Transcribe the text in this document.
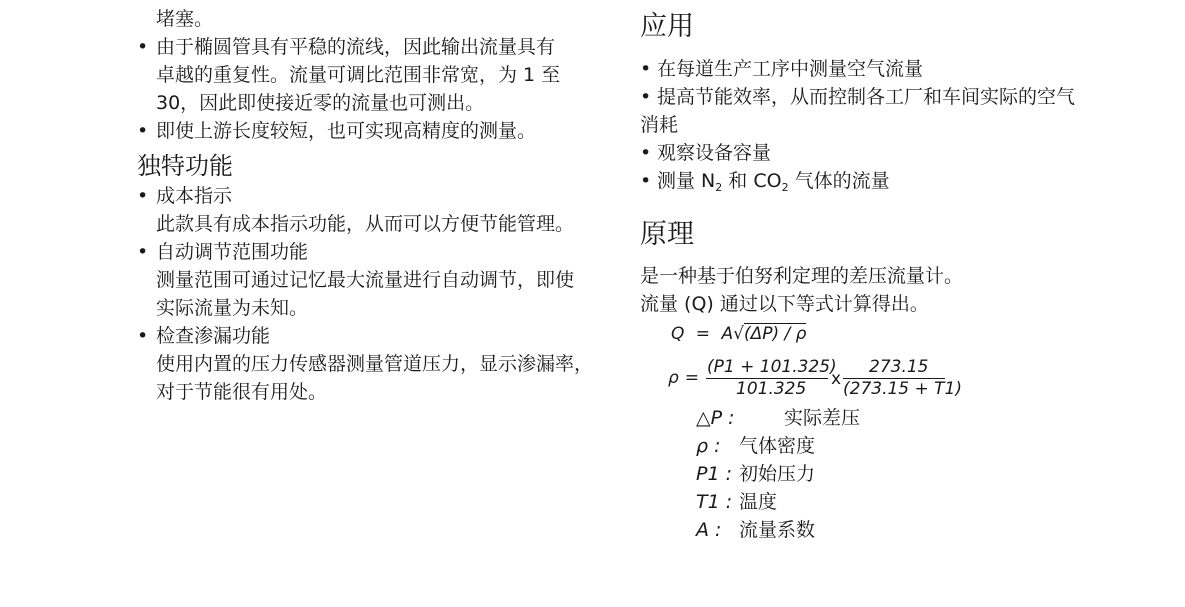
堵塞。
• 由于椭圆管具有平稳的流线，因此输出流量具有
卓越的重复性。流量可调比范围非常宽，为 1 至
30，因此即使接近零的流量也可测出。
• 即使上游长度较短，也可实现高精度的测量。
独特功能
• 成本指示
此款具有成本指示功能，从而可以方便节能管理。
• 自动调节范围功能
测量范围可通过记忆最大流量进行自动调节，即使
实际流量为未知。
• 检查渗漏功能
使用内置的压力传感器测量管道压力，显示渗漏率，
对于节能很有用处。
应用
• 在每道生产工序中测量空气流量
• 提高节能效率，从而控制各工厂和车间实际的空气
消耗
• 观察设备容量
• 测量 $N_2$ 和 $CO_2$ 气体的流量
原理
是一种基于伯努利定理的差压流量计。
流量 (Q) 通过以下等式计算得出。
Q = A√(ΔP) / ρ
ρ =
(P1 + 101.325)
101.325 x
273.15
(273.15 + T1)
△P :	实际差压
ρ : 气体密度
P1 : 初始压力
T1 : 温度
A : 流量系数
